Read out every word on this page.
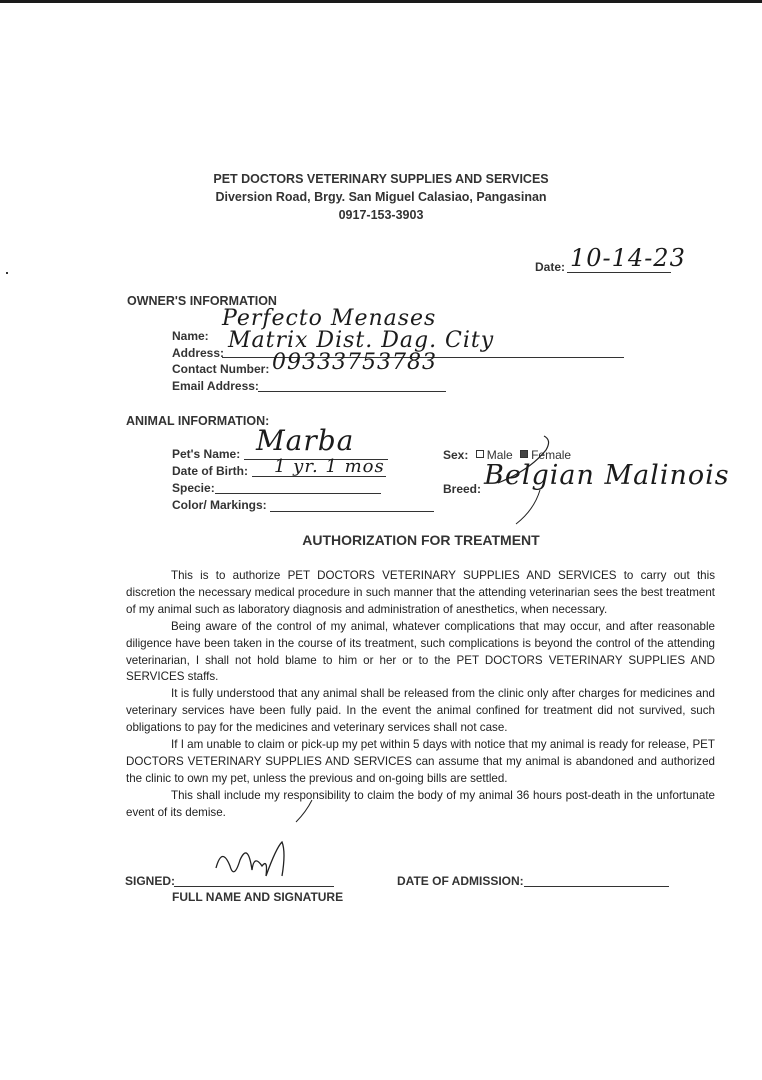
PET DOCTORS VETERINARY SUPPLIES AND SERVICES
Diversion Road, Brgy. San Miguel Calasiao, Pangasinan
0917-153-3903
Date: 10-14-23
OWNER'S INFORMATION
Name:
Perfecto Menases
Address: Matrix Dist. Dag. City
Contact Number: 09333753783
Email Address:
ANIMAL INFORMATION:
Pet's Name: Marba
Date of Birth: 1 yr. 1 mos
Specie:
Color/ Markings:
Sex: Male Female
Breed: Belgian Malinois
AUTHORIZATION FOR TREATMENT

This is to authorize PET DOCTORS VETERINARY SUPPLIES AND SERVICES to carry out this discretion the necessary medical procedure in such manner that the attending veterinarian sees the best treatment of my animal such as laboratory diagnosis and administration of anesthetics, when necessary.

Being aware of the control of my animal, whatever complications that may occur, and after reasonable diligence have been taken in the course of its treatment, such complications is beyond the control of the attending veterinarian, I shall not hold blame to him or her or to the PET DOCTORS VETERINARY SUPPLIES AND SERVICES staffs.

It is fully understood that any animal shall be released from the clinic only after charges for medicines and veterinary services have been fully paid. In the event the animal confined for treatment did not survived, such obligations to pay for the medicines and veterinary services shall not case.

If I am unable to claim or pick-up my pet within 5 days with notice that my animal is ready for release, PET DOCTORS VETERINARY SUPPLIES AND SERVICES can assume that my animal is abandoned and authorized the clinic to own my pet, unless the previous and on-going bills are settled.

This shall include my responsibility to claim the body of my animal 36 hours post-death in the unfortunate event of its demise.

SIGNED:
FULL NAME AND SIGNATURE
DATE OF ADMISSION:
